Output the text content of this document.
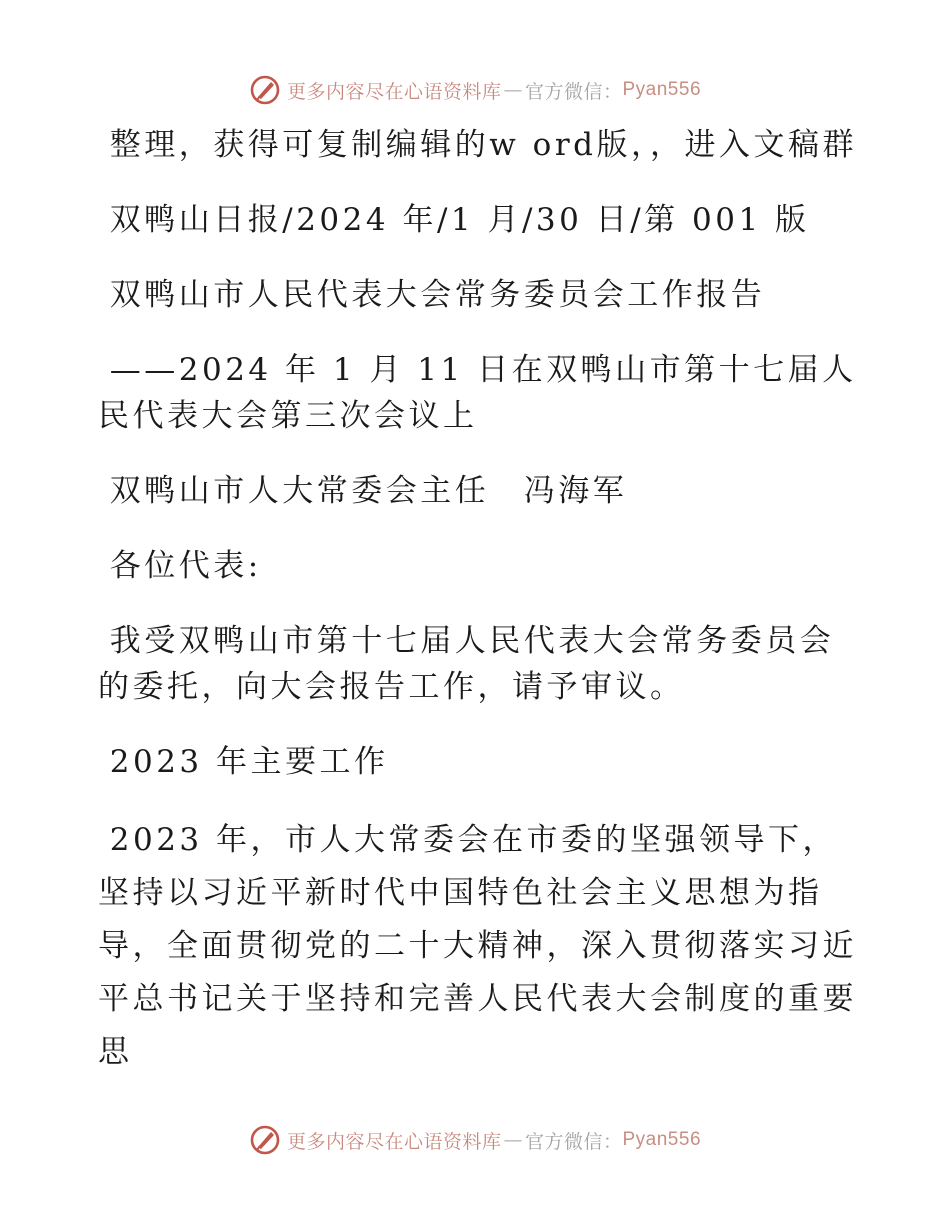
更多内容尽在心语资料库 — 官方微信： Pyan556

整理，获得可复制编辑的w ord版，，进入文稿群

双鸭山日报/2024 年/1 月/30 日/第 001 版

双鸭山市人民代表大会常务委员会工作报告

——2024 年 1 月 11 日在双鸭山市第十七届人民代表大会第三次会议上

双鸭山市人大常委会主任　冯海军

各位代表:

我受双鸭山市第十七届人民代表大会常务委员会的委托，向大会报告工作，请予审议。

2023 年主要工作

2023 年，市人大常委会在市委的坚强领导下，坚持以习近平新时代中国特色社会主义思想为指导，全面贯彻党的二十大精神，深入贯彻落实习近平总书记关于坚持和完善人民代表大会制度的重要思

更多内容尽在心语资料库 — 官方微信： Pyan556
